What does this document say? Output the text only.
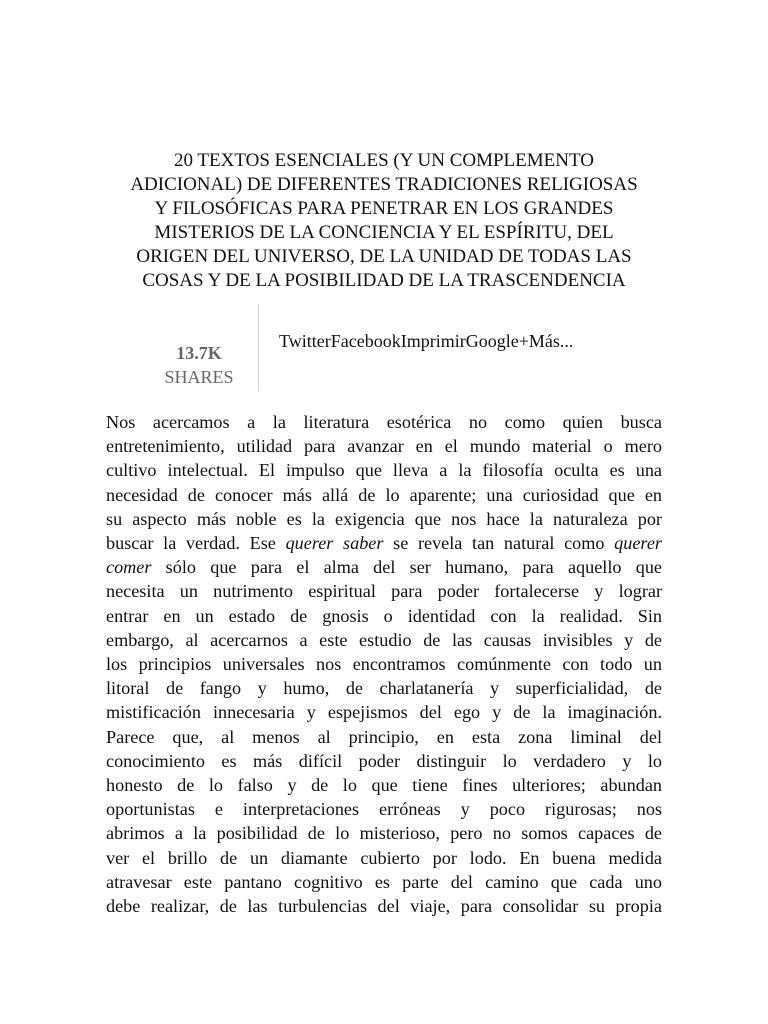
20 TEXTOS ESENCIALES (Y UN COMPLEMENTO
ADICIONAL) DE DIFERENTES TRADICIONES RELIGIOSAS
Y FILOSÓFICAS PARA PENETRAR EN LOS GRANDES
MISTERIOS DE LA CONCIENCIA Y EL ESPÍRITU, DEL
ORIGEN DEL UNIVERSO, DE LA UNIDAD DE TODAS LAS
COSAS Y DE LA POSIBILIDAD DE LA TRASCENDENCIA
13.7K
SHARES
TwitterFacebookImprimirGoogle+Más...
Nos acercamos a la literatura esotérica no como quien busca
entretenimiento, utilidad para avanzar en el mundo material o mero
cultivo intelectual. El impulso que lleva a la filosofía oculta es una
necesidad de conocer más allá de lo aparente; una curiosidad que en
su aspecto más noble es la exigencia que nos hace la naturaleza por
buscar la verdad. Ese querer saber se revela tan natural como querer
comer sólo que para el alma del ser humano, para aquello que
necesita un nutrimento espiritual para poder fortalecerse y lograr
entrar en un estado de gnosis o identidad con la realidad. Sin
embargo, al acercarnos a este estudio de las causas invisibles y de
los principios universales nos encontramos comúnmente con todo un
litoral de fango y humo, de charlatanería y superficialidad, de
mistificación innecesaria y espejismos del ego y de la imaginación.
Parece que, al menos al principio, en esta zona liminal del
conocimiento es más difícil poder distinguir lo verdadero y lo
honesto de lo falso y de lo que tiene fines ulteriores; abundan
oportunistas e interpretaciones erróneas y poco rigurosas; nos
abrimos a la posibilidad de lo misterioso, pero no somos capaces de
ver el brillo de un diamante cubierto por lodo. En buena medida
atravesar este pantano cognitivo es parte del camino que cada uno
debe realizar, de las turbulencias del viaje, para consolidar su propia
